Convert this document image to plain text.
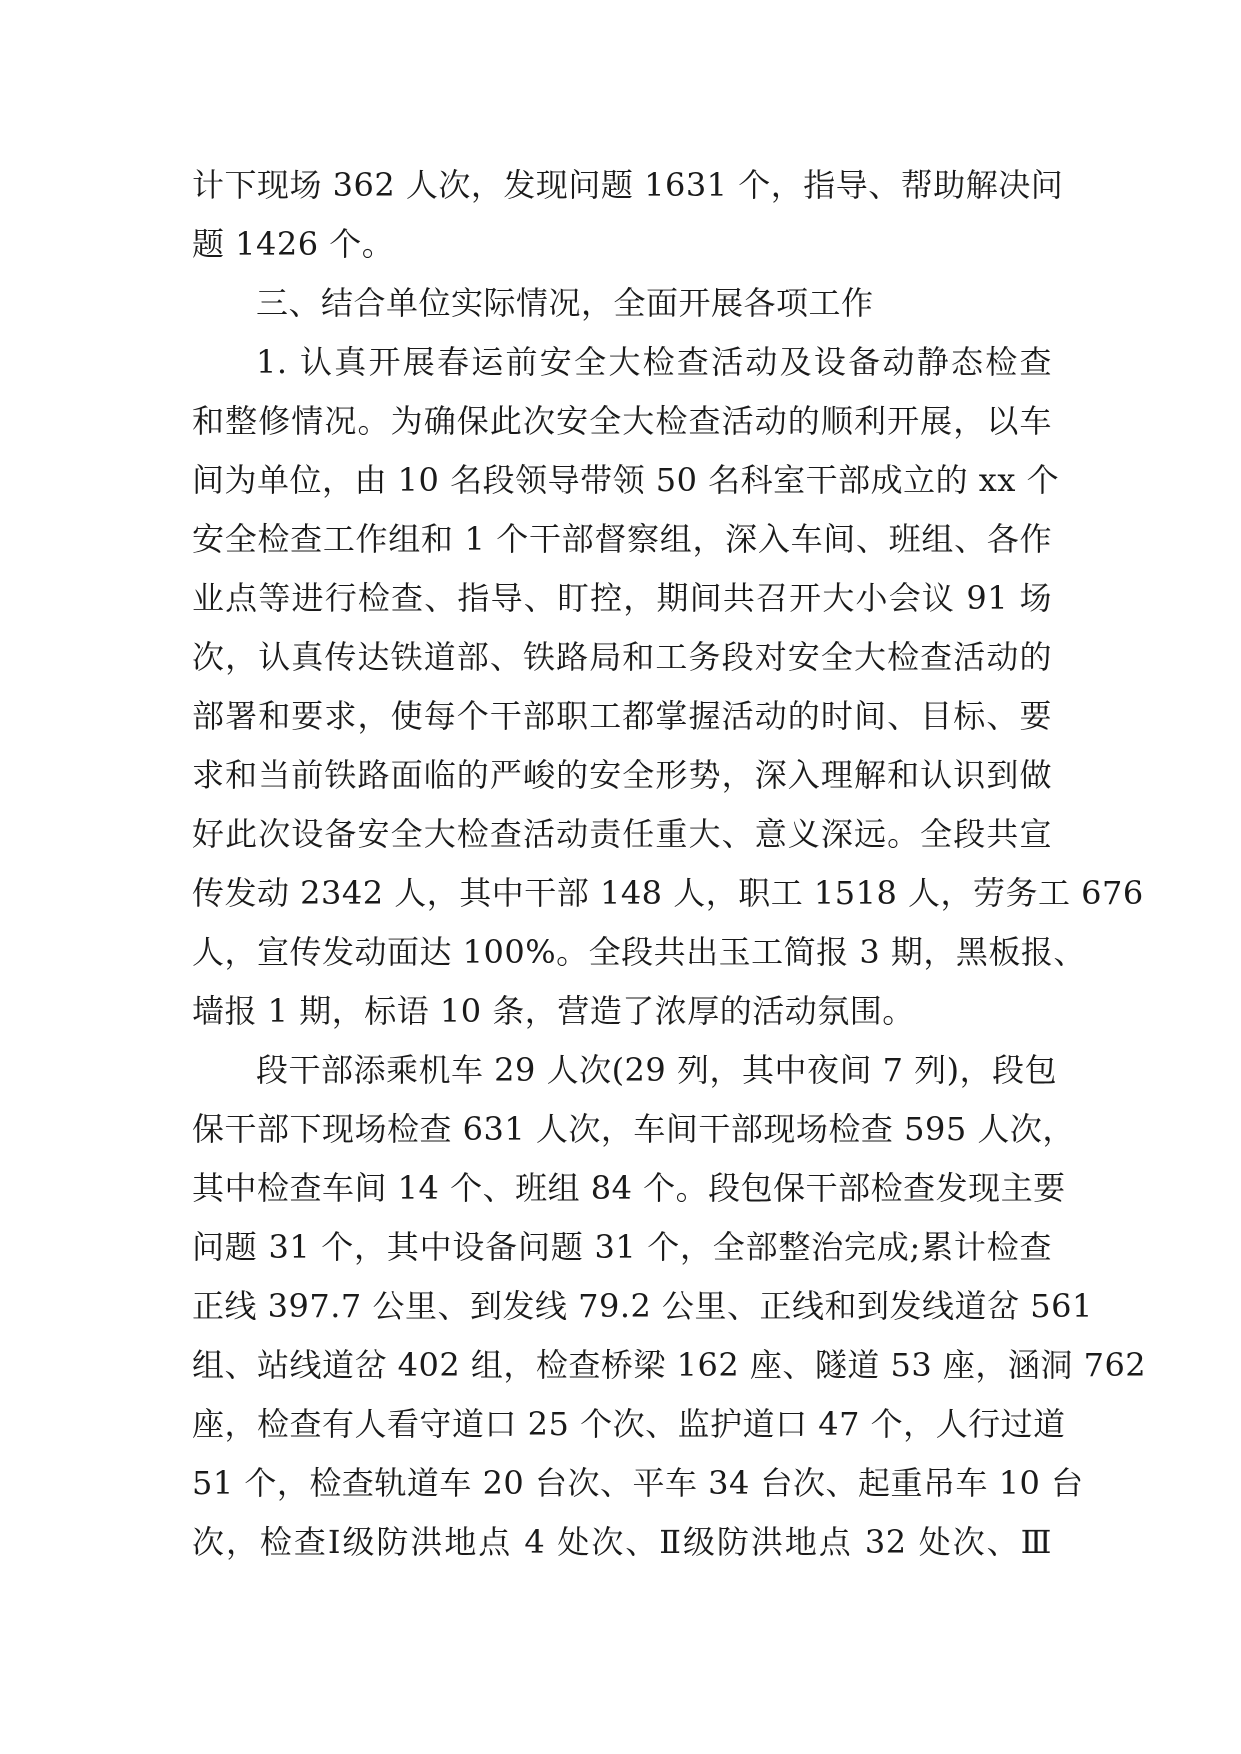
计下现场 362 人次，发现问题 1631 个，指导、帮助解决问
题 1426 个。
三、结合单位实际情况，全面开展各项工作
1. 认真开展春运前安全大检查活动及设备动静态检查
和整修情况。为确保此次安全大检查活动的顺利开展，以车
间为单位，由 10 名段领导带领 50 名科室干部成立的 xx 个
安全检查工作组和 1 个干部督察组，深入车间、班组、各作
业点等进行检查、指导、盯控，期间共召开大小会议 91 场
次，认真传达铁道部、铁路局和工务段对安全大检查活动的
部署和要求，使每个干部职工都掌握活动的时间、目标、要
求和当前铁路面临的严峻的安全形势，深入理解和认识到做
好此次设备安全大检查活动责任重大、意义深远。全段共宣
传发动 2342 人，其中干部 148 人，职工 1518 人，劳务工 676
人，宣传发动面达 100%。全段共出玉工简报 3 期，黑板报、
墙报 1 期，标语 10 条，营造了浓厚的活动氛围。
段干部添乘机车 29 人次(29 列，其中夜间 7 列)，段包
保干部下现场检查 631 人次，车间干部现场检查 595 人次，
其中检查车间 14 个、班组 84 个。段包保干部检查发现主要
问题 31 个，其中设备问题 31 个，全部整治完成;累计检查
正线 397.7 公里、到发线 79.2 公里、正线和到发线道岔 561
组、站线道岔 402 组，检查桥梁 162 座、隧道 53 座，涵洞 762
座，检查有人看守道口 25 个次、监护道口 47 个，人行过道
51 个，检查轨道车 20 台次、平车 34 台次、起重吊车 10 台
次，检查Ⅰ级防洪地点 4 处次、Ⅱ级防洪地点 32 处次、Ⅲ
